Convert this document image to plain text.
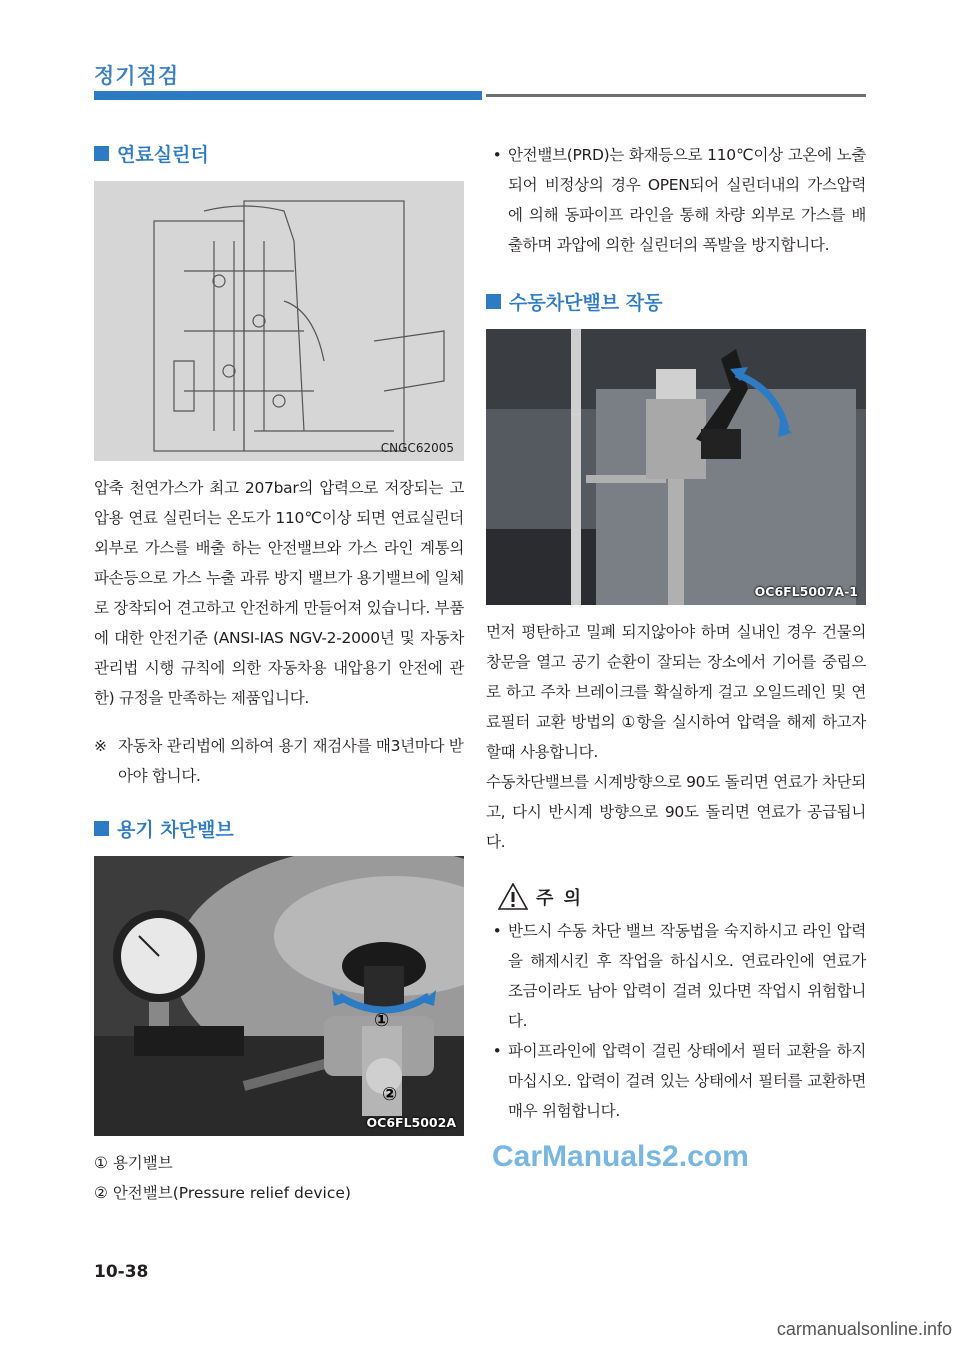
정기점검
연료실린더
CNGC62005

압축 천연가스가 최고 207bar의 압력으로 저장되는 고압용 연료 실린더는 온도가 110℃이상 되면 연료실린더 외부로 가스를 배출 하는 안전밸브와 가스 라인 계통의 파손등으로 가스 누출 과류 방지 밸브가 용기밸브에 일체로 장착되어 견고하고 안전하게 만들어져 있습니다. 부품에 대한 안전기준 (ANSI-IAS NGV-2-2000년 및 자동차 관리법 시행 규칙에 의한 자동차용 내압용기 안전에 관한) 규정을 만족하는 제품입니다.

※ 자동차 관리법에 의하여 용기 재검사를 매3년마다 받아야 합니다.
용기 차단밸브
①
②
OC6FL5002A
① 용기밸브
② 안전밸브(Pressure relief device)
• 안전밸브(PRD)는 화재등으로 110℃이상 고온에 노출되어 비정상의 경우 OPEN되어 실린더내의 가스압력에 의해 동파이프 라인을 통해 차량 외부로 가스를 배출하며 과압에 의한 실린더의 폭발을 방지합니다.
수동차단밸브 작동
OC6FL5007A-1

먼저 평탄하고 밀폐 되지않아야 하며 실내인 경우 건물의 창문을 열고 공기 순환이 잘되는 장소에서 기어를 중립으로 하고 주차 브레이크를 확실하게 걸고 오일드레인 및 연료필터 교환 방법의 ①항을 실시하여 압력을 해제 하고자 할때 사용합니다.

수동차단밸브를 시계방향으로 90도 돌리면 연료가 차단되고, 다시 반시계 방향으로 90도 돌리면 연료가 공급됩니다.

주 의
• 반드시 수동 차단 밸브 작동법을 숙지하시고 라인 압력을 해제시킨 후 작업을 하십시오. 연료라인에 연료가 조금이라도 남아 압력이 걸려 있다면 작업시 위험합니다.
• 파이프라인에 압력이 걸린 상태에서 필터 교환을 하지마십시오. 압력이 걸려 있는 상태에서 필터를 교환하면 매우 위험합니다.
CarManuals2.com
10-38
carmanualsonline.info
